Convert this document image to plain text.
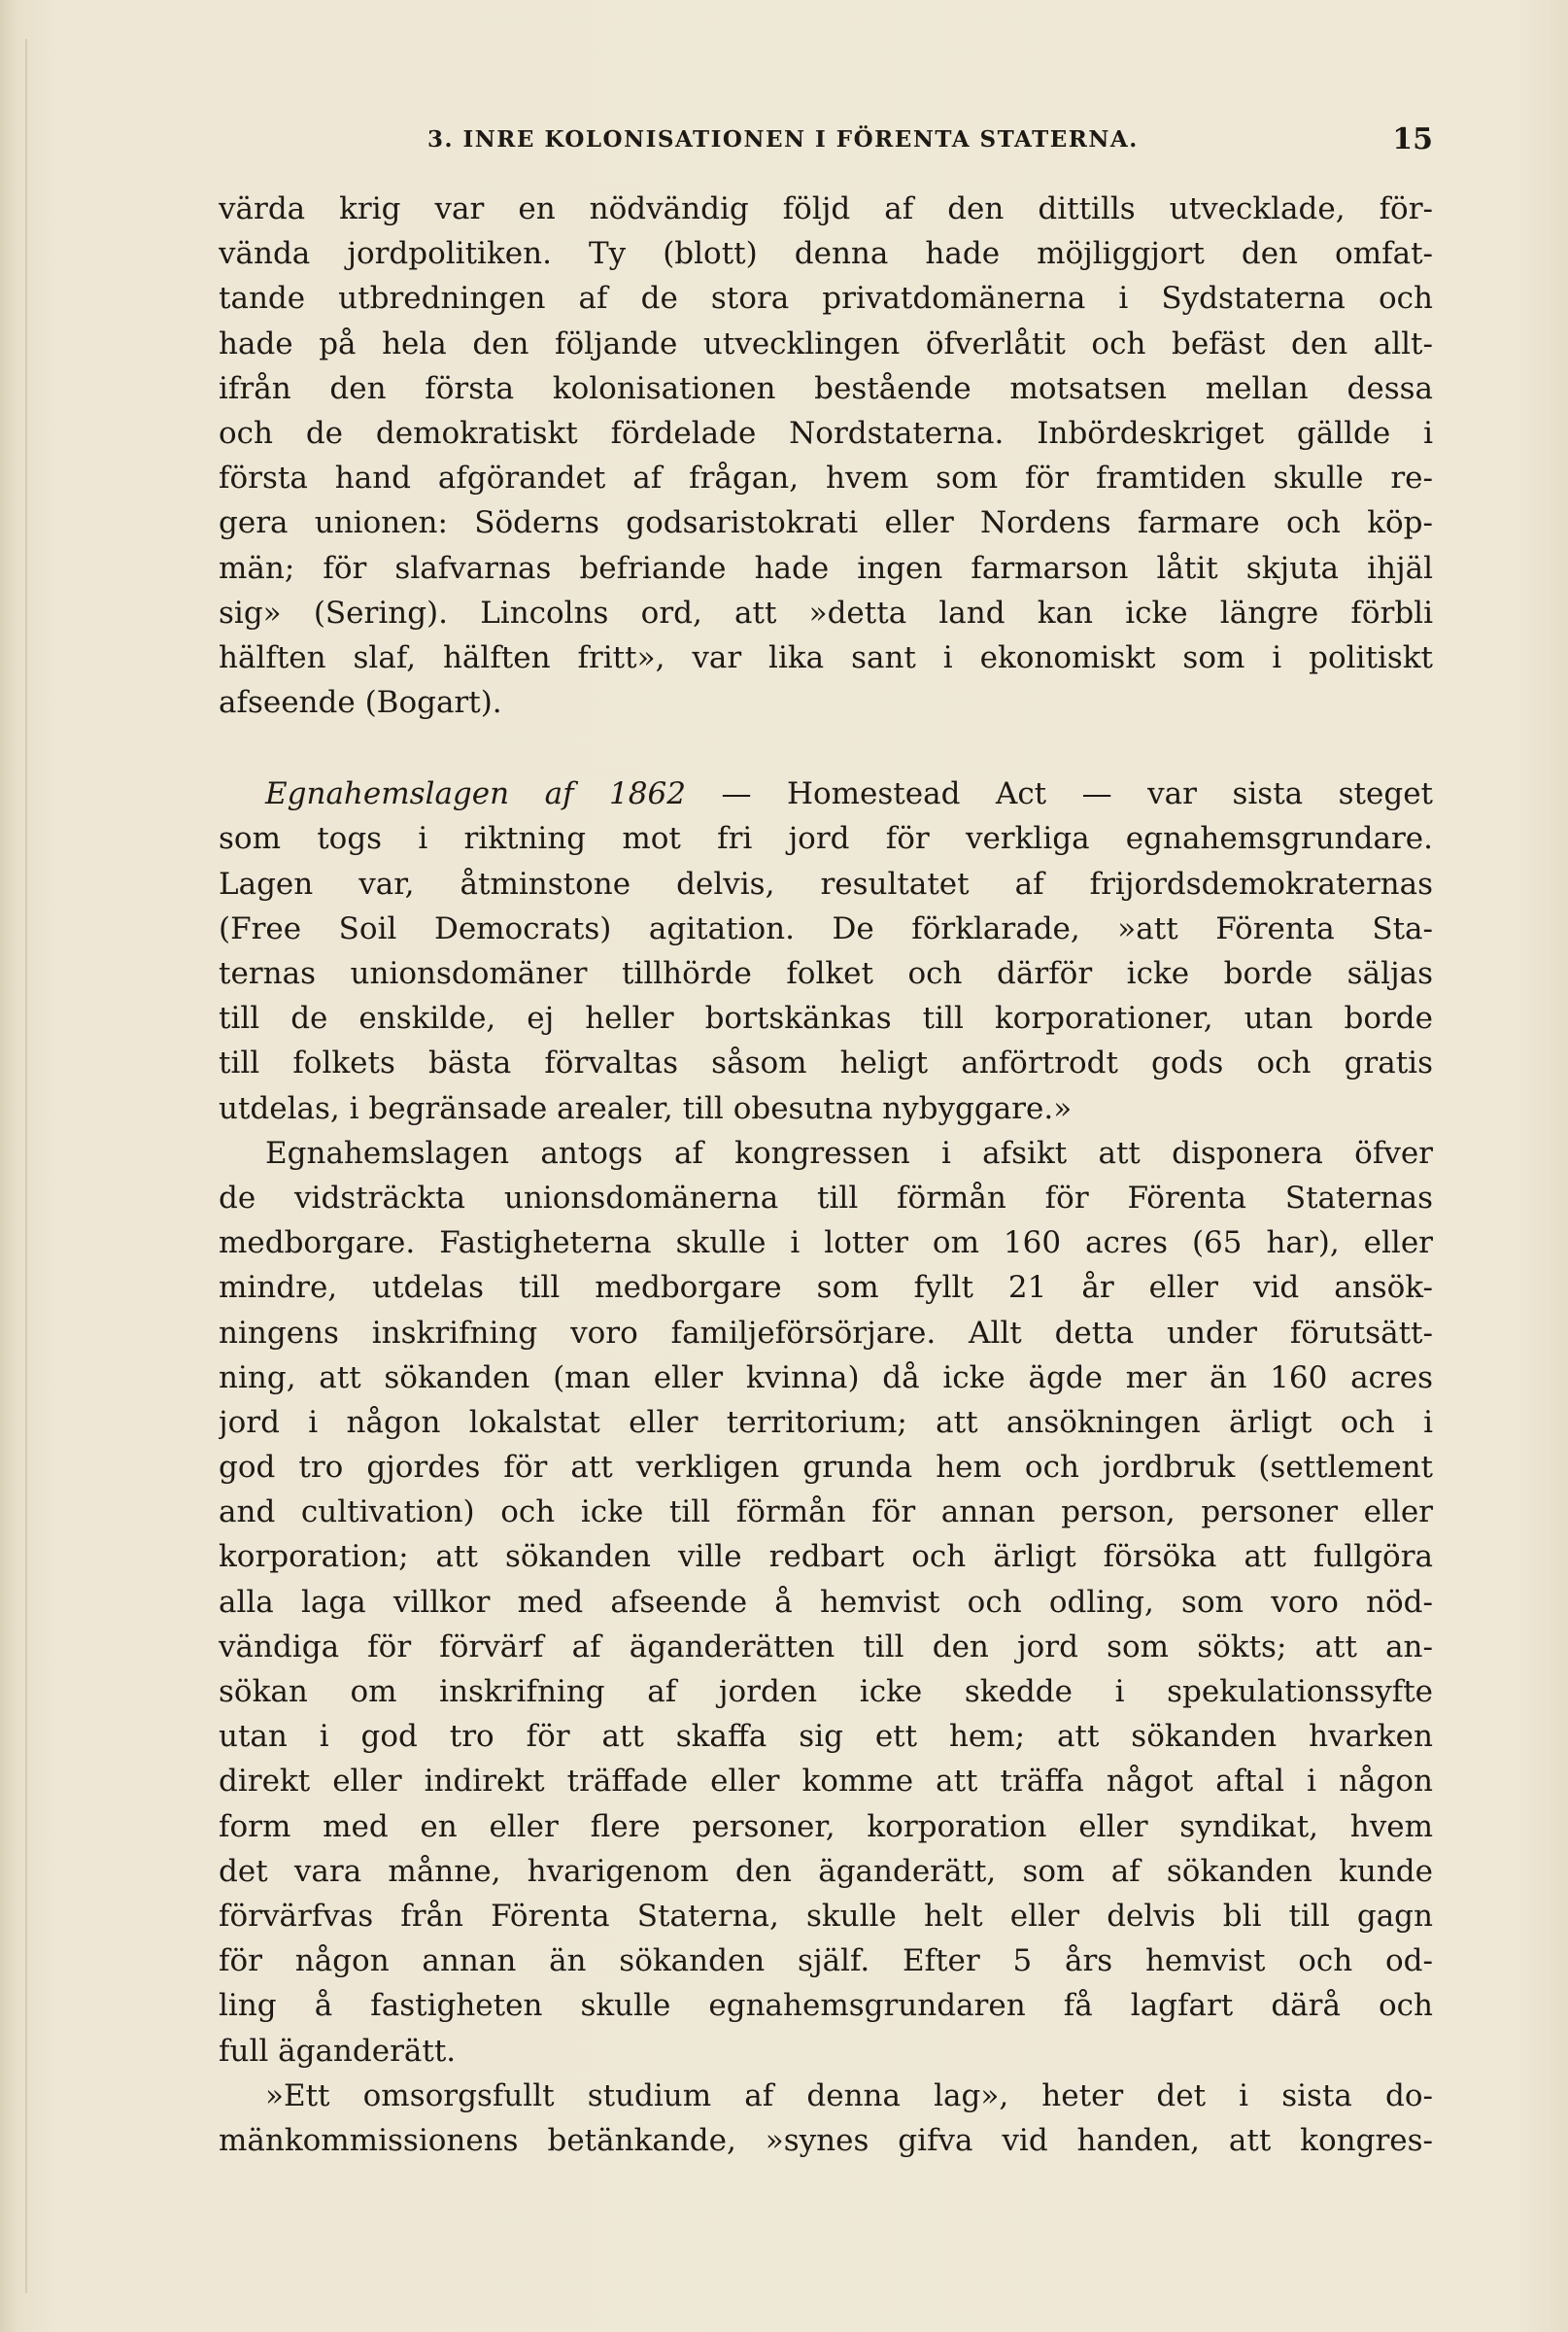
3. INRE KOLONISATIONEN I FÖRENTA STATERNA.	15
värda krig var en nödvändig följd af den dittills utvecklade, för-
vända jordpolitiken. Ty (blott) denna hade möjliggjort den omfat-
tande utbredningen af de stora privatdomänerna i Sydstaterna och
hade på hela den följande utvecklingen öfverlåtit och befäst den allt-
ifrån den första kolonisationen bestående motsatsen mellan dessa
och de demokratiskt fördelade Nordstaterna. Inbördeskriget gällde i
första hand afgörandet af frågan, hvem som för framtiden skulle re-
gera unionen: Söderns godsaristokrati eller Nordens farmare och köp-
män; för slafvarnas befriande hade ingen farmarson låtit skjuta ihjäl
sig» (Sering). Lincolns ord, att »detta land kan icke längre förbli
hälften slaf, hälften fritt», var lika sant i ekonomiskt som i politiskt
afseende (Bogart).
Egnahemslagen af 1862 — Homestead Act — var sista steget
som togs i riktning mot fri jord för verkliga egnahemsgrundare.
Lagen var, åtminstone delvis, resultatet af frijordsdemokraternas
(Free Soil Democrats) agitation. De förklarade, »att Förenta Sta-
ternas unionsdomäner tillhörde folket och därför icke borde säljas
till de enskilde, ej heller bortskänkas till korporationer, utan borde
till folkets bästa förvaltas såsom heligt anförtrodt gods och gratis
utdelas, i begränsade arealer, till obesutna nybyggare.»
Egnahemslagen antogs af kongressen i afsikt att disponera öfver
de vidsträckta unionsdomänerna till förmån för Förenta Staternas
medborgare. Fastigheterna skulle i lotter om 160 acres (65 har), eller
mindre, utdelas till medborgare som fyllt 21 år eller vid ansök-
ningens inskrifning voro familjeförsörjare. Allt detta under förutsätt-
ning, att sökanden (man eller kvinna) då icke ägde mer än 160 acres
jord i någon lokalstat eller territorium; att ansökningen ärligt och i
god tro gjordes för att verkligen grunda hem och jordbruk (settlement
and cultivation) och icke till förmån för annan person, personer eller
korporation; att sökanden ville redbart och ärligt försöka att fullgöra
alla laga villkor med afseende å hemvist och odling, som voro nöd-
vändiga för förvärf af äganderätten till den jord som sökts; att an-
sökan om inskrifning af jorden icke skedde i spekulationssyfte
utan i god tro för att skaffa sig ett hem; att sökanden hvarken
direkt eller indirekt träffade eller komme att träffa något aftal i någon
form med en eller flere personer, korporation eller syndikat, hvem
det vara månne, hvarigenom den äganderätt, som af sökanden kunde
förvärfvas från Förenta Staterna, skulle helt eller delvis bli till gagn
för någon annan än sökanden själf. Efter 5 års hemvist och od-
ling å fastigheten skulle egnahemsgrundaren få lagfart därå och
full äganderätt.
»Ett omsorgsfullt studium af denna lag», heter det i sista do-
mänkommissionens betänkande, »synes gifva vid handen, att kongres-
